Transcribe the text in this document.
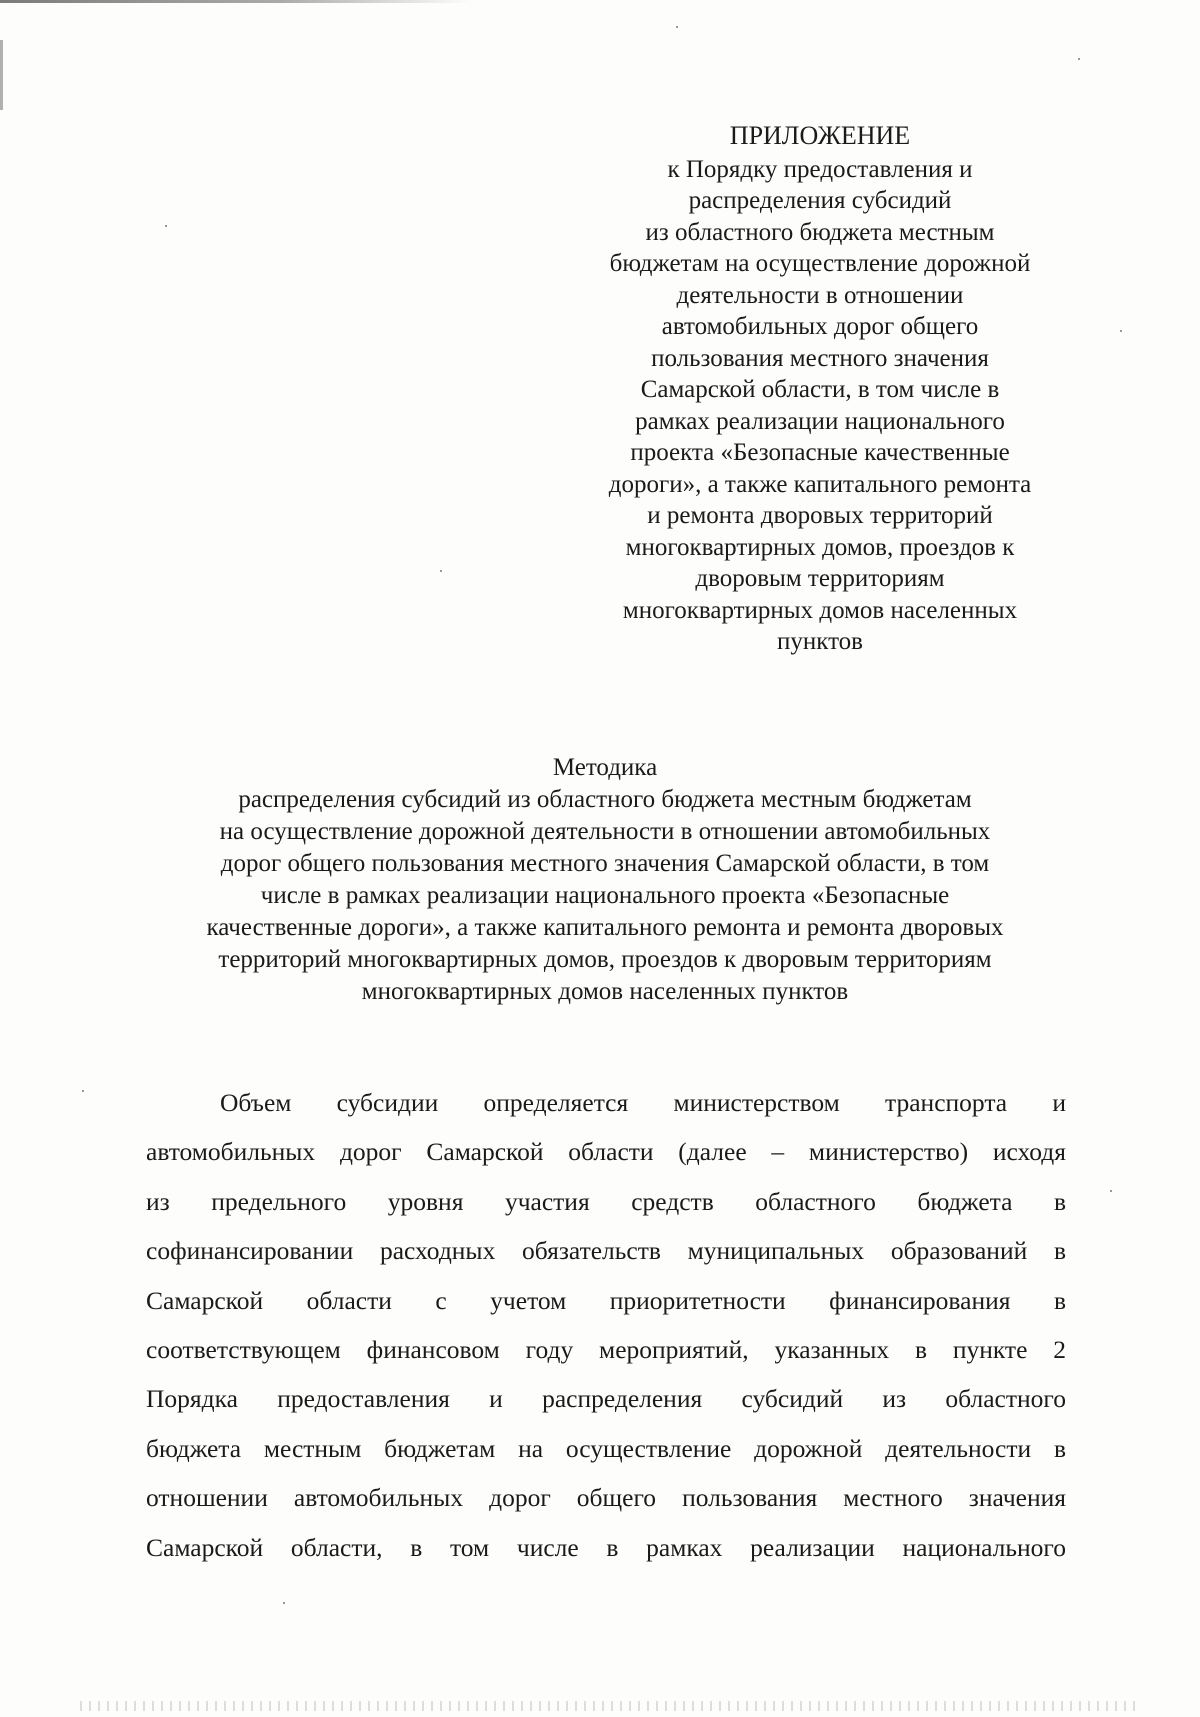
ПРИЛОЖЕНИЕ
к Порядку предоставления и
распределения субсидий
из областного бюджета местным
бюджетам на осуществление дорожной
деятельности в отношении
автомобильных дорог общего
пользования местного значения
Самарской области, в том числе в
рамках реализации национального
проекта «Безопасные качественные
дороги», а также капитального ремонта
и ремонта дворовых территорий
многоквартирных домов, проездов к
дворовым территориям
многоквартирных домов населенных
пунктов
Методика
распределения субсидий из областного бюджета местным бюджетам
на осуществление дорожной деятельности в отношении автомобильных
дорог общего пользования местного значения Самарской области, в том
числе в рамках реализации национального проекта «Безопасные
качественные дороги», а также капитального ремонта и ремонта дворовых
территорий многоквартирных домов, проездов к дворовым территориям
многоквартирных домов населенных пунктов
Объем субсидии определяется министерством транспорта и
автомобильных дорог Самарской области (далее – министерство) исходя
из предельного уровня участия средств областного бюджета в
софинансировании расходных обязательств муниципальных образований в
Самарской области с учетом приоритетности финансирования в
соответствующем финансовом году мероприятий, указанных в пункте 2
Порядка предоставления и распределения субсидий из областного
бюджета местным бюджетам на осуществление дорожной деятельности в
отношении автомобильных дорог общего пользования местного значения
Самарской области, в том числе в рамках реализации национального
